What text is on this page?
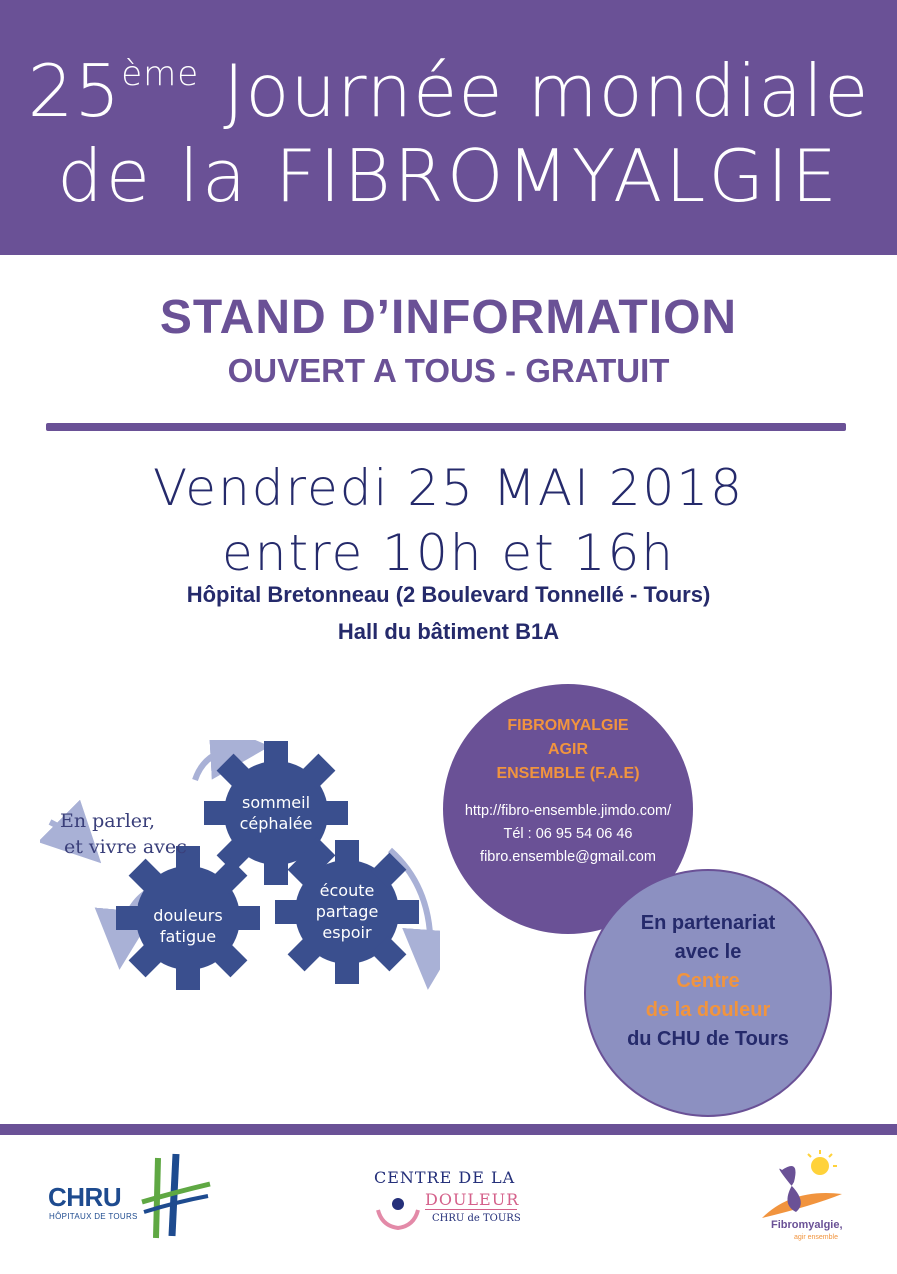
25ème Journée mondiale
de la FIBROMYALGIE
STAND D’INFORMATION
OUVERT A TOUS - GRATUIT
Vendredi 25 MAI 2018
entre 10h et 16h
Hôpital Bretonneau (2 Boulevard Tonnellé - Tours)
Hall du bâtiment B1A
En parler,
et vivre avec
sommeil
céphalée
douleurs
fatigue
écoute
partage
espoir
FIBROMYALGIE
AGIR
ENSEMBLE (F.A.E)
http://fibro-ensemble.jimdo.com/
Tél : 06 95 54 06 46
fibro.ensemble@gmail.com
En partenariat
avec le
Centre
de la douleur
du CHU de Tours
CHRU
HÔPITAUX DE TOURS
CENTRE DE LA
DOULEUR
CHRU de TOURS
Fibromyalgie,
agir ensemble
